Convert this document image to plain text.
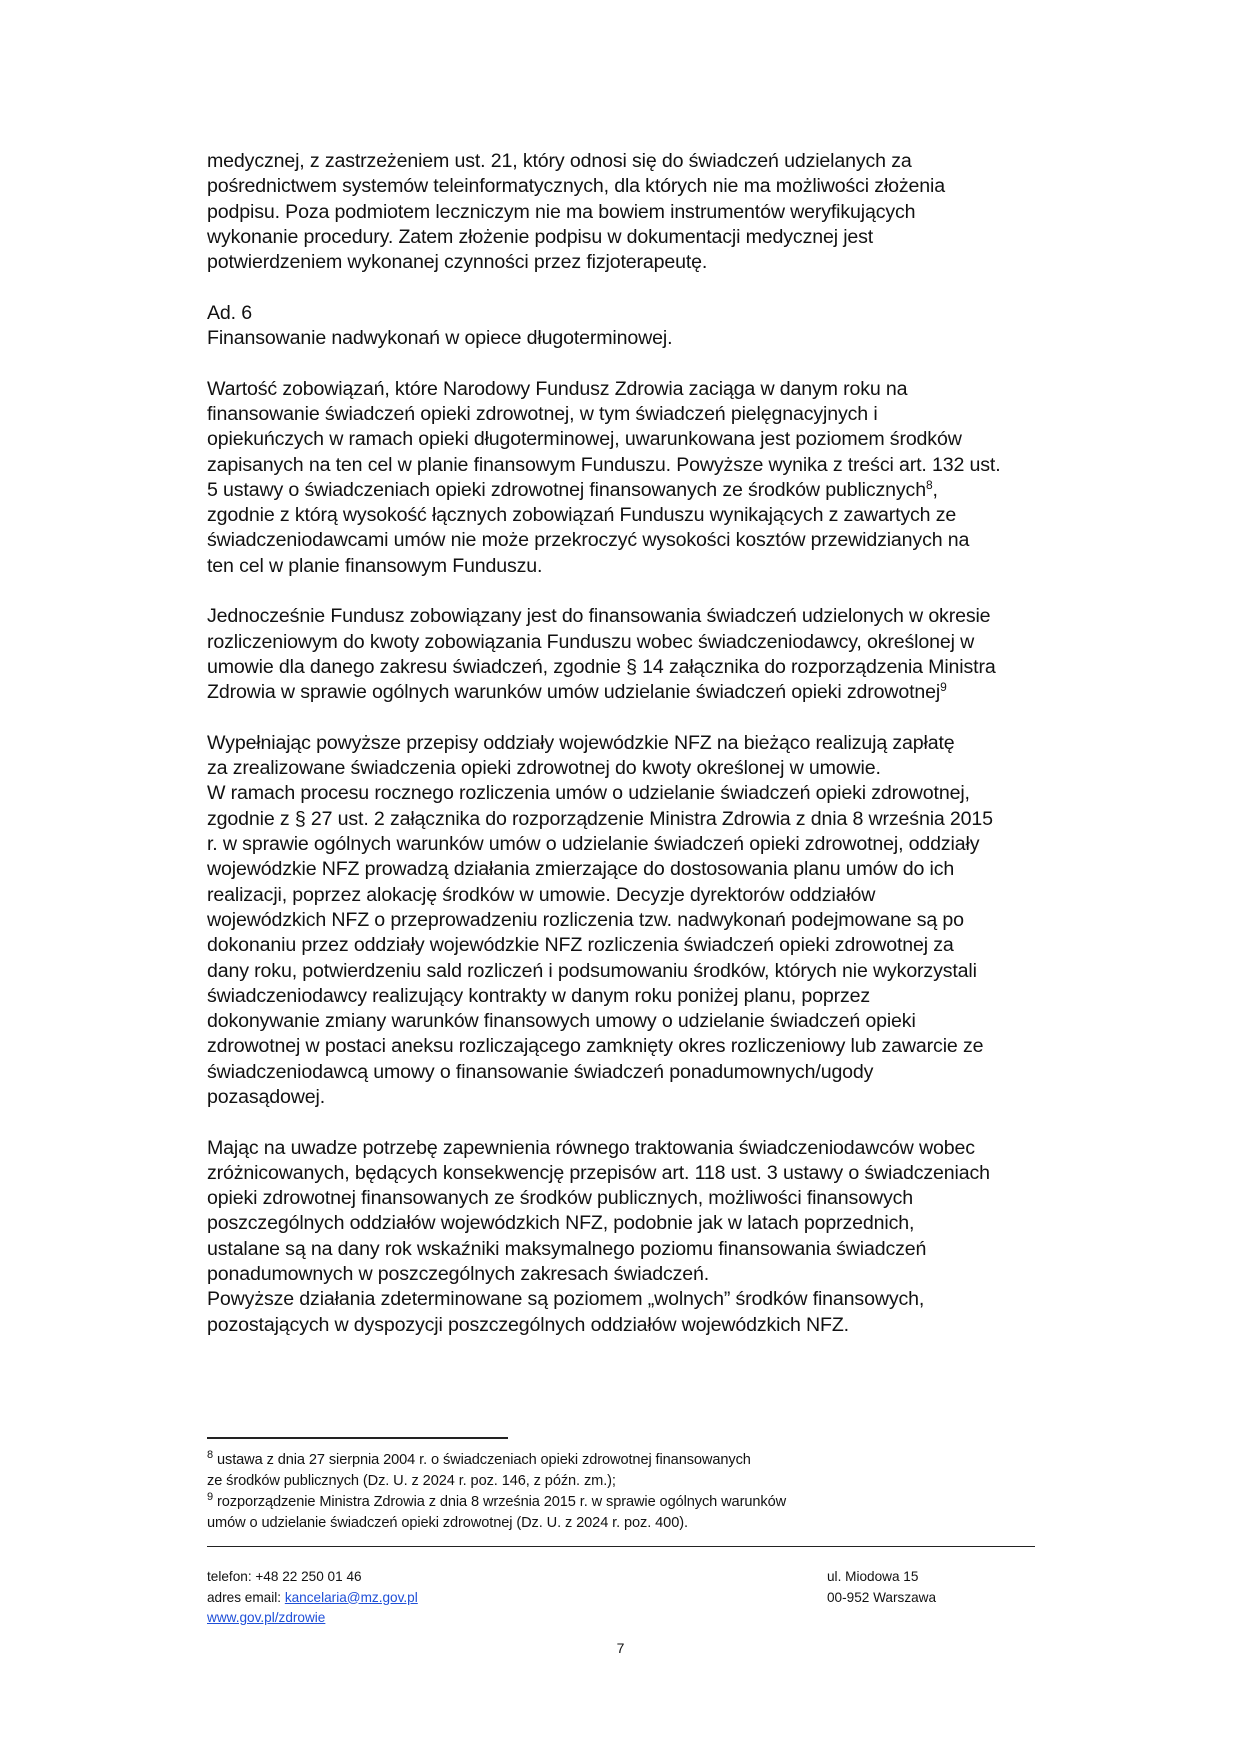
medycznej, z zastrzeżeniem ust. 21, który odnosi się do świadczeń udzielanych za

pośrednictwem systemów teleinformatycznych, dla których nie ma możliwości złożenia

podpisu. Poza podmiotem leczniczym nie ma bowiem instrumentów weryfikujących

wykonanie procedury. Zatem złożenie podpisu w dokumentacji medycznej jest

potwierdzeniem wykonanej czynności przez fizjoterapeutę.

Ad. 6

Finansowanie nadwykonań w opiece długoterminowej.

Wartość zobowiązań, które Narodowy Fundusz Zdrowia zaciąga w danym roku na

finansowanie świadczeń opieki zdrowotnej, w tym świadczeń pielęgnacyjnych i

opiekuńczych w ramach opieki długoterminowej, uwarunkowana jest poziomem środków

zapisanych na ten cel w planie finansowym Funduszu. Powyższe wynika z treści art. 132 ust.

5 ustawy o świadczeniach opieki zdrowotnej finansowanych ze środków publicznych$^8$,

zgodnie z którą wysokość łącznych zobowiązań Funduszu wynikających z zawartych ze

świadczeniodawcami umów nie może przekroczyć wysokości kosztów przewidzianych na

ten cel w planie finansowym Funduszu.

Jednocześnie Fundusz zobowiązany jest do finansowania świadczeń udzielonych w okresie

rozliczeniowym do kwoty zobowiązania Funduszu wobec świadczeniodawcy, określonej w

umowie dla danego zakresu świadczeń, zgodnie § 14 załącznika do rozporządzenia Ministra

Zdrowia w sprawie ogólnych warunków umów udzielanie świadczeń opieki zdrowotnej$^9$

Wypełniając powyższe przepisy oddziały wojewódzkie NFZ na bieżąco realizują zapłatę

za zrealizowane świadczenia opieki zdrowotnej do kwoty określonej w umowie.

W ramach procesu rocznego rozliczenia umów o udzielanie świadczeń opieki zdrowotnej,

zgodnie z § 27 ust. 2 załącznika do rozporządzenie Ministra Zdrowia z dnia 8 września 2015

r. w sprawie ogólnych warunków umów o udzielanie świadczeń opieki zdrowotnej, oddziały

wojewódzkie NFZ prowadzą działania zmierzające do dostosowania planu umów do ich

realizacji, poprzez alokację środków w umowie. Decyzje dyrektorów oddziałów

wojewódzkich NFZ o przeprowadzeniu rozliczenia tzw. nadwykonań podejmowane są po

dokonaniu przez oddziały wojewódzkie NFZ rozliczenia świadczeń opieki zdrowotnej za

dany roku, potwierdzeniu sald rozliczeń i podsumowaniu środków, których nie wykorzystali

świadczeniodawcy realizujący kontrakty w danym roku poniżej planu, poprzez

dokonywanie zmiany warunków finansowych umowy o udzielanie świadczeń opieki

zdrowotnej w postaci aneksu rozliczającego zamknięty okres rozliczeniowy lub zawarcie ze

świadczeniodawcą umowy o finansowanie świadczeń ponadumownych/ugody

pozasądowej.

Mając na uwadze potrzebę zapewnienia równego traktowania świadczeniodawców wobec

zróżnicowanych, będących konsekwencję przepisów art. 118 ust. 3 ustawy o świadczeniach

opieki zdrowotnej finansowanych ze środków publicznych, możliwości finansowych

poszczególnych oddziałów wojewódzkich NFZ, podobnie jak w latach poprzednich,

ustalane są na dany rok wskaźniki maksymalnego poziomu finansowania świadczeń

ponadumownych w poszczególnych zakresach świadczeń.

Powyższe działania zdeterminowane są poziomem „wolnych” środków finansowych,

pozostających w dyspozycji poszczególnych oddziałów wojewódzkich NFZ.

$^8$ ustawa z dnia 27 sierpnia 2004 r. o świadczeniach opieki zdrowotnej finansowanych
ze środków publicznych (Dz. U. z 2024 r. poz. 146, z późn. zm.);
$^9$ rozporządzenie Ministra Zdrowia z dnia 8 września 2015 r. w sprawie ogólnych warunków
umów o udzielanie świadczeń opieki zdrowotnej (Dz. U. z 2024 r. poz. 400).
telefon: +48 22 250 01 46
adres email: kancelaria@mz.gov.pl
www.gov.pl/zdrowie
ul. Miodowa 15
00-952 Warszawa
7
